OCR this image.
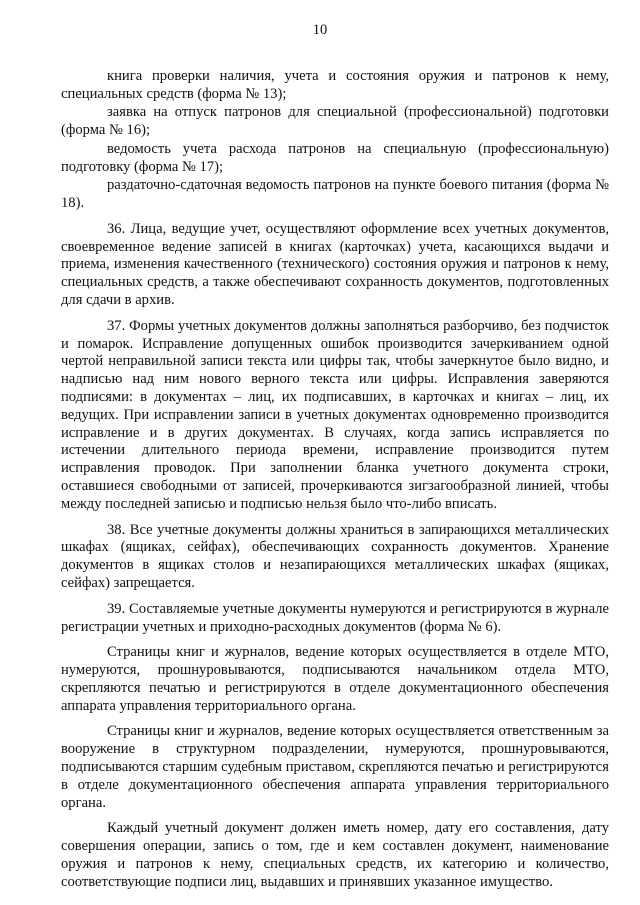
10

книга проверки наличия, учета и состояния оружия и патронов к нему, специальных средств (форма № 13);

заявка на отпуск патронов для специальной (профессиональной) подготовки (форма № 16);

ведомость учета расхода патронов на специальную (профессиональную) подготовку (форма № 17);

раздаточно-сдаточная ведомость патронов на пункте боевого питания (форма № 18).

36. Лица, ведущие учет, осуществляют оформление всех учетных документов, своевременное ведение записей в книгах (карточках) учета, касающихся выдачи и приема, изменения качественного (технического) состояния оружия и патронов к нему, специальных средств, а также обеспечивают сохранность документов, подготовленных для сдачи в архив.

37. Формы учетных документов должны заполняться разборчиво, без подчисток и помарок. Исправление допущенных ошибок производится зачеркиванием одной чертой неправильной записи текста или цифры так, чтобы зачеркнутое было видно, и надписью над ним нового верного текста или цифры. Исправления заверяются подписями: в документах – лиц, их подписавших, в карточках и книгах – лиц, их ведущих. При исправлении записи в учетных документах одновременно производится исправление и в других документах. В случаях, когда запись исправляется по истечении длительного периода времени, исправление производится путем исправления проводок. При заполнении бланка учетного документа строки, оставшиеся свободными от записей, прочеркиваются зигзагообразной линией, чтобы между последней записью и подписью нельзя было что-либо вписать.

38. Все учетные документы должны храниться в запирающихся металлических шкафах (ящиках, сейфах), обеспечивающих сохранность документов. Хранение документов в ящиках столов и незапирающихся металлических шкафах (ящиках, сейфах) запрещается.

39. Составляемые учетные документы нумеруются и регистрируются в журнале регистрации учетных и приходно-расходных документов (форма № 6).

Страницы книг и журналов, ведение которых осуществляется в отделе МТО, нумеруются, прошнуровываются, подписываются начальником отдела МТО, скрепляются печатью и регистрируются в отделе документационного обеспечения аппарата управления территориального органа.

Страницы книг и журналов, ведение которых осуществляется ответственным за вооружение в структурном подразделении, нумеруются, прошнуровываются, подписываются старшим судебным приставом, скрепляются печатью и регистрируются в отделе документационного обеспечения аппарата управления территориального органа.

Каждый учетный документ должен иметь номер, дату его составления, дату совершения операции, запись о том, где и кем составлен документ, наименование оружия и патронов к нему, специальных средств, их категорию и количество, соответствующие подписи лиц, выдавших и принявших указанное имущество.
